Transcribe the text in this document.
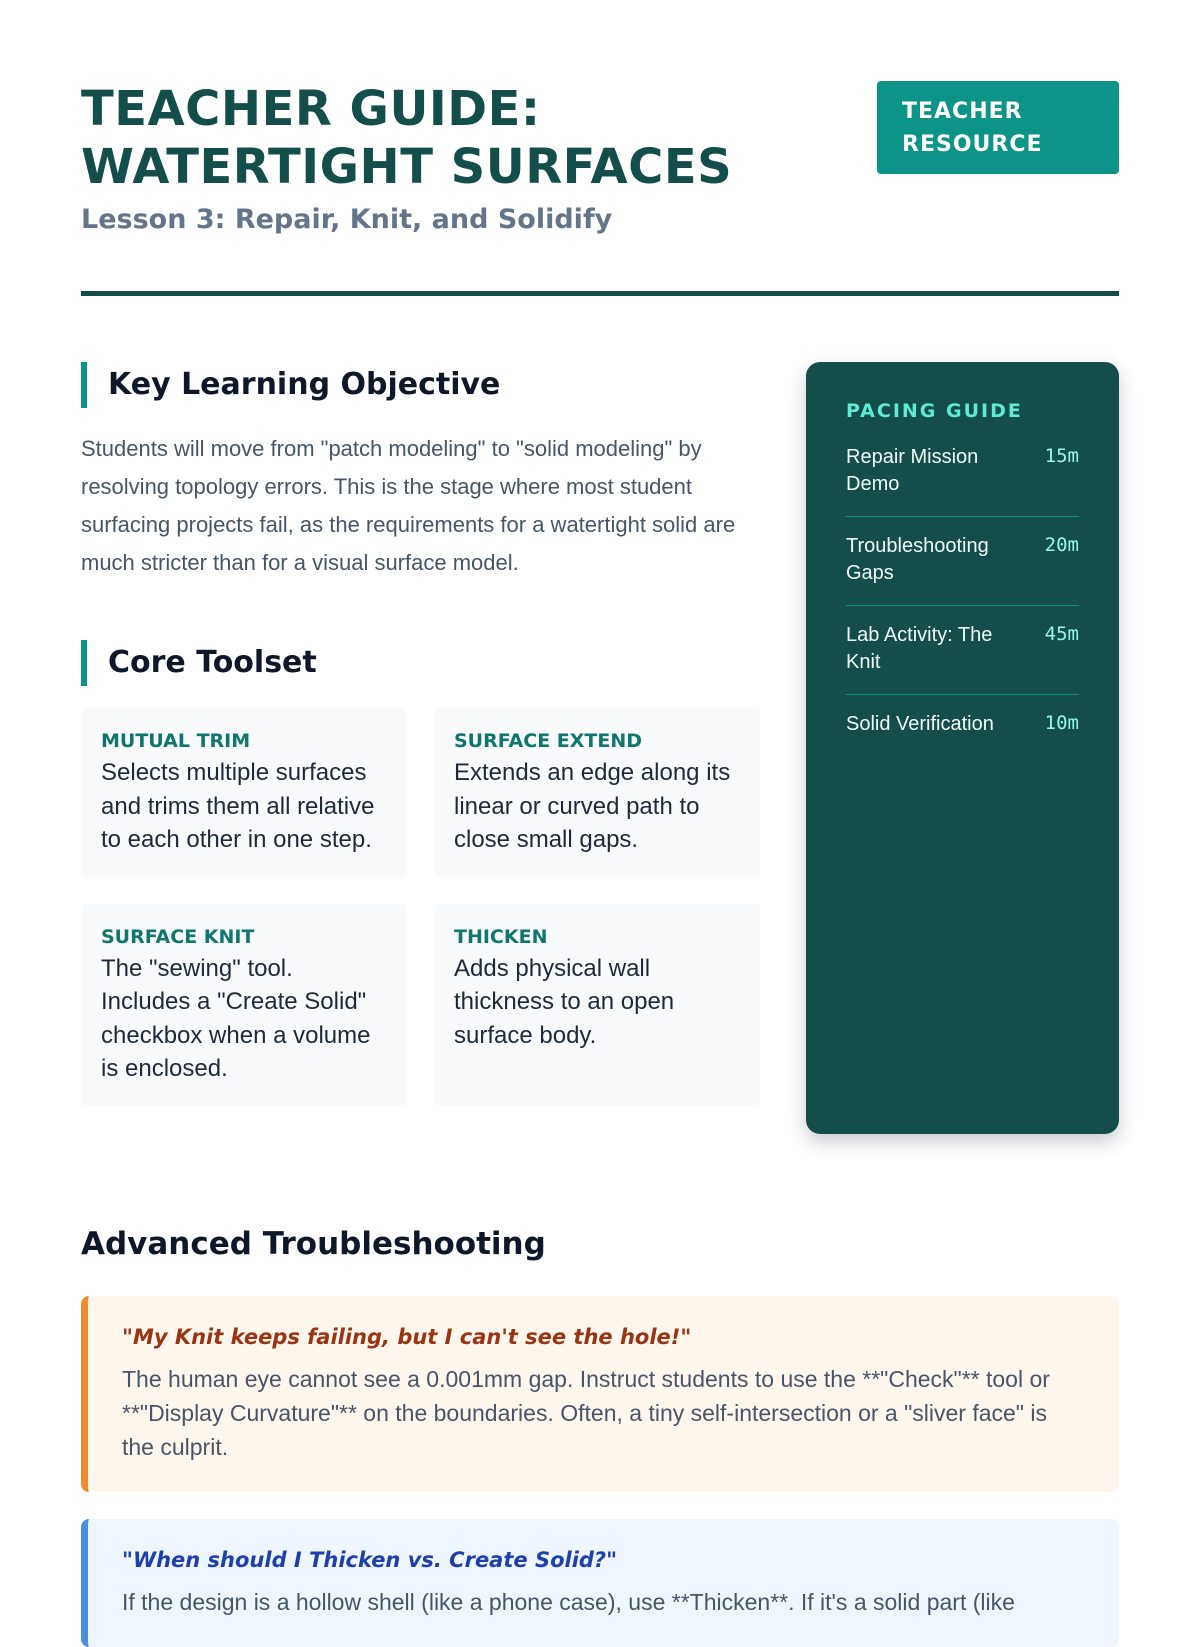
TEACHER GUIDE:
WATERTIGHT SURFACES
Lesson 3: Repair, Knit, and Solidify
TEACHER
RESOURCE
Key Learning Objective

Students will move from "patch modeling" to "solid modeling" by resolving topology errors. This is the stage where most student surfacing projects fail, as the requirements for a watertight solid are much stricter than for a visual surface model.

Core Toolset
MUTUAL TRIM
Selects multiple surfaces and trims them all relative to each other in one step.
SURFACE EXTEND
Extends an edge along its linear or curved path to close small gaps.
SURFACE KNIT
The "sewing" tool. Includes a "Create Solid" checkbox when a volume is enclosed.
THICKEN
Adds physical wall thickness to an open surface body.
PACING GUIDE
Repair Mission Demo
15m
Troubleshooting Gaps
20m
Lab Activity: The Knit
45m
Solid Verification	10m
Advanced Troubleshooting
"My Knit keeps failing, but I can't see the hole!"
The human eye cannot see a 0.001mm gap. Instruct students to use the **"Check"** tool or **"Display Curvature"** on the boundaries. Often, a tiny self-intersection or a "sliver face" is the culprit.
"When should I Thicken vs. Create Solid?"
If the design is a hollow shell (like a phone case), use **Thicken**. If it's a solid part (like
